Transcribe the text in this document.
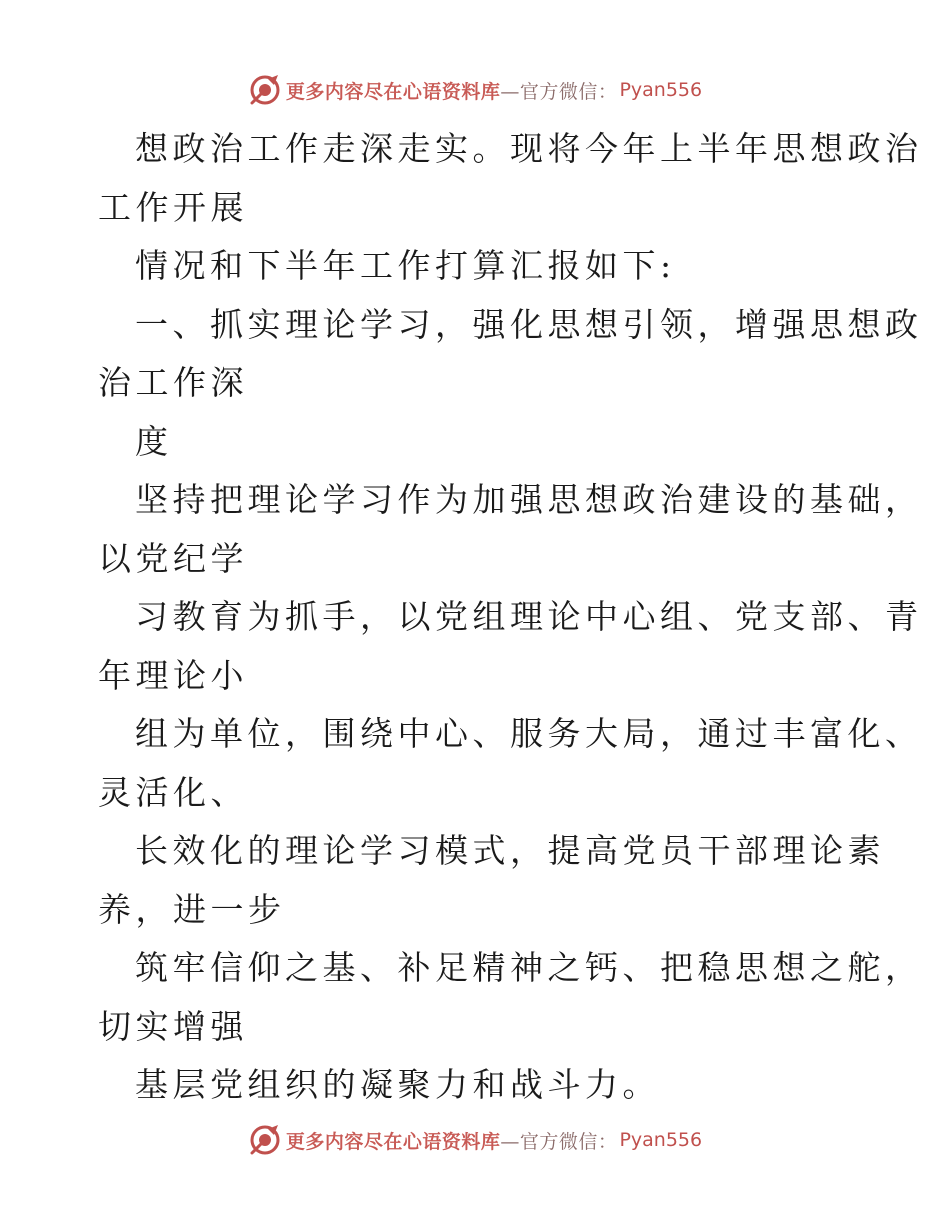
更多内容尽在心语资料库—官方微信： Pyan556
想政治工作走深走实。现将今年上半年思想政治
工作开展
情况和下半年工作打算汇报如下:
一、抓实理论学习，强化思想引领，增强思想政
治工作深
度
坚持把理论学习作为加强思想政治建设的基础，
以党纪学
习教育为抓手，以党组理论中心组、党支部、青
年理论小
组为单位，围绕中心、服务大局，通过丰富化、
灵活化、
长效化的理论学习模式，提高党员干部理论素
养，进一步
筑牢信仰之基、补足精神之钙、把稳思想之舵，
切实增强
基层党组织的凝聚力和战斗力。
更多内容尽在心语资料库—官方微信： Pyan556
